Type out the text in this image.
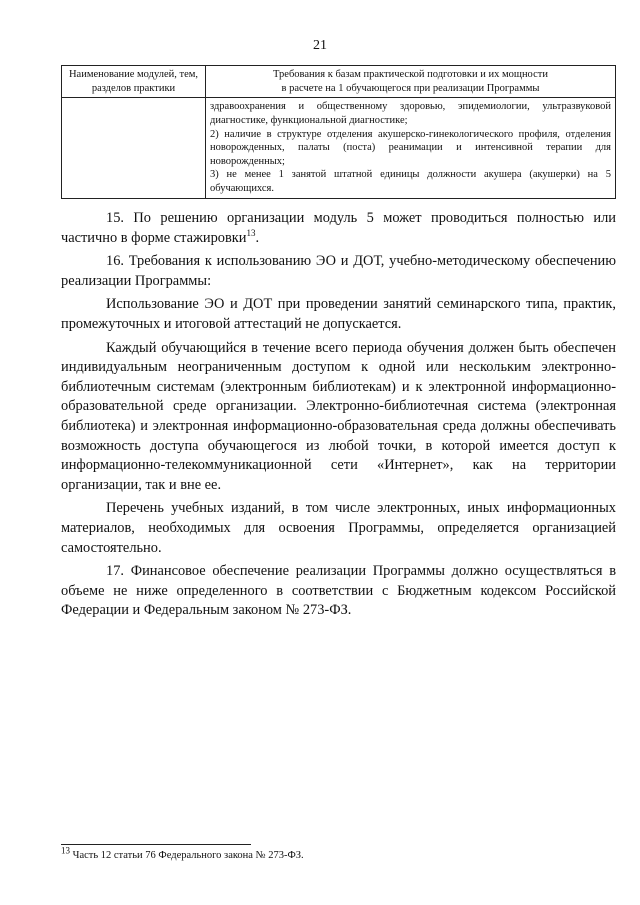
21
Наименование модулей, тем, разделов практики	Требования к базам практической подготовки и их мощности
в расчете на 1 обучающегося при реализации Программы

	здравоохранения и общественному здоровью, эпидемиологии, ультразвуковой диагностике, функциональной диагностике;
2) наличие в структуре отделения акушерско-гинекологического профиля, отделения новорожденных, палаты (поста) реанимации и интенсивной терапии для новорожденных;
3) не менее 1 занятой штатной единицы должности акушера (акушерки) на 5 обучающихся.

15. По решению организации модуль 5 может проводиться полностью или частично в форме стажировки$^{13}$.

16. Требования к использованию ЭО и ДОТ, учебно-методическому обеспечению реализации Программы:

Использование ЭО и ДОТ при проведении занятий семинарского типа, практик, промежуточных и итоговой аттестаций не допускается.

Каждый обучающийся в течение всего периода обучения должен быть обеспечен индивидуальным неограниченным доступом к одной или нескольким электронно-библиотечным системам (электронным библиотекам) и к электронной информационно-образовательной среде организации. Электронно-библиотечная система (электронная библиотека) и электронная информационно-образовательная среда должны обеспечивать возможность доступа обучающегося из любой точки, в которой имеется доступ к информационно-телекоммуникационной сети «Интернет», как на территории организации, так и вне ее.

Перечень учебных изданий, в том числе электронных, иных информационных материалов, необходимых для освоения Программы, определяется организацией самостоятельно.

17. Финансовое обеспечение реализации Программы должно осуществляться в объеме не ниже определенного в соответствии с Бюджетным кодексом Российской Федерации и Федеральным законом № 273-ФЗ.

$^{13}$ Часть 12 статьи 76 Федерального закона № 273-ФЗ.
